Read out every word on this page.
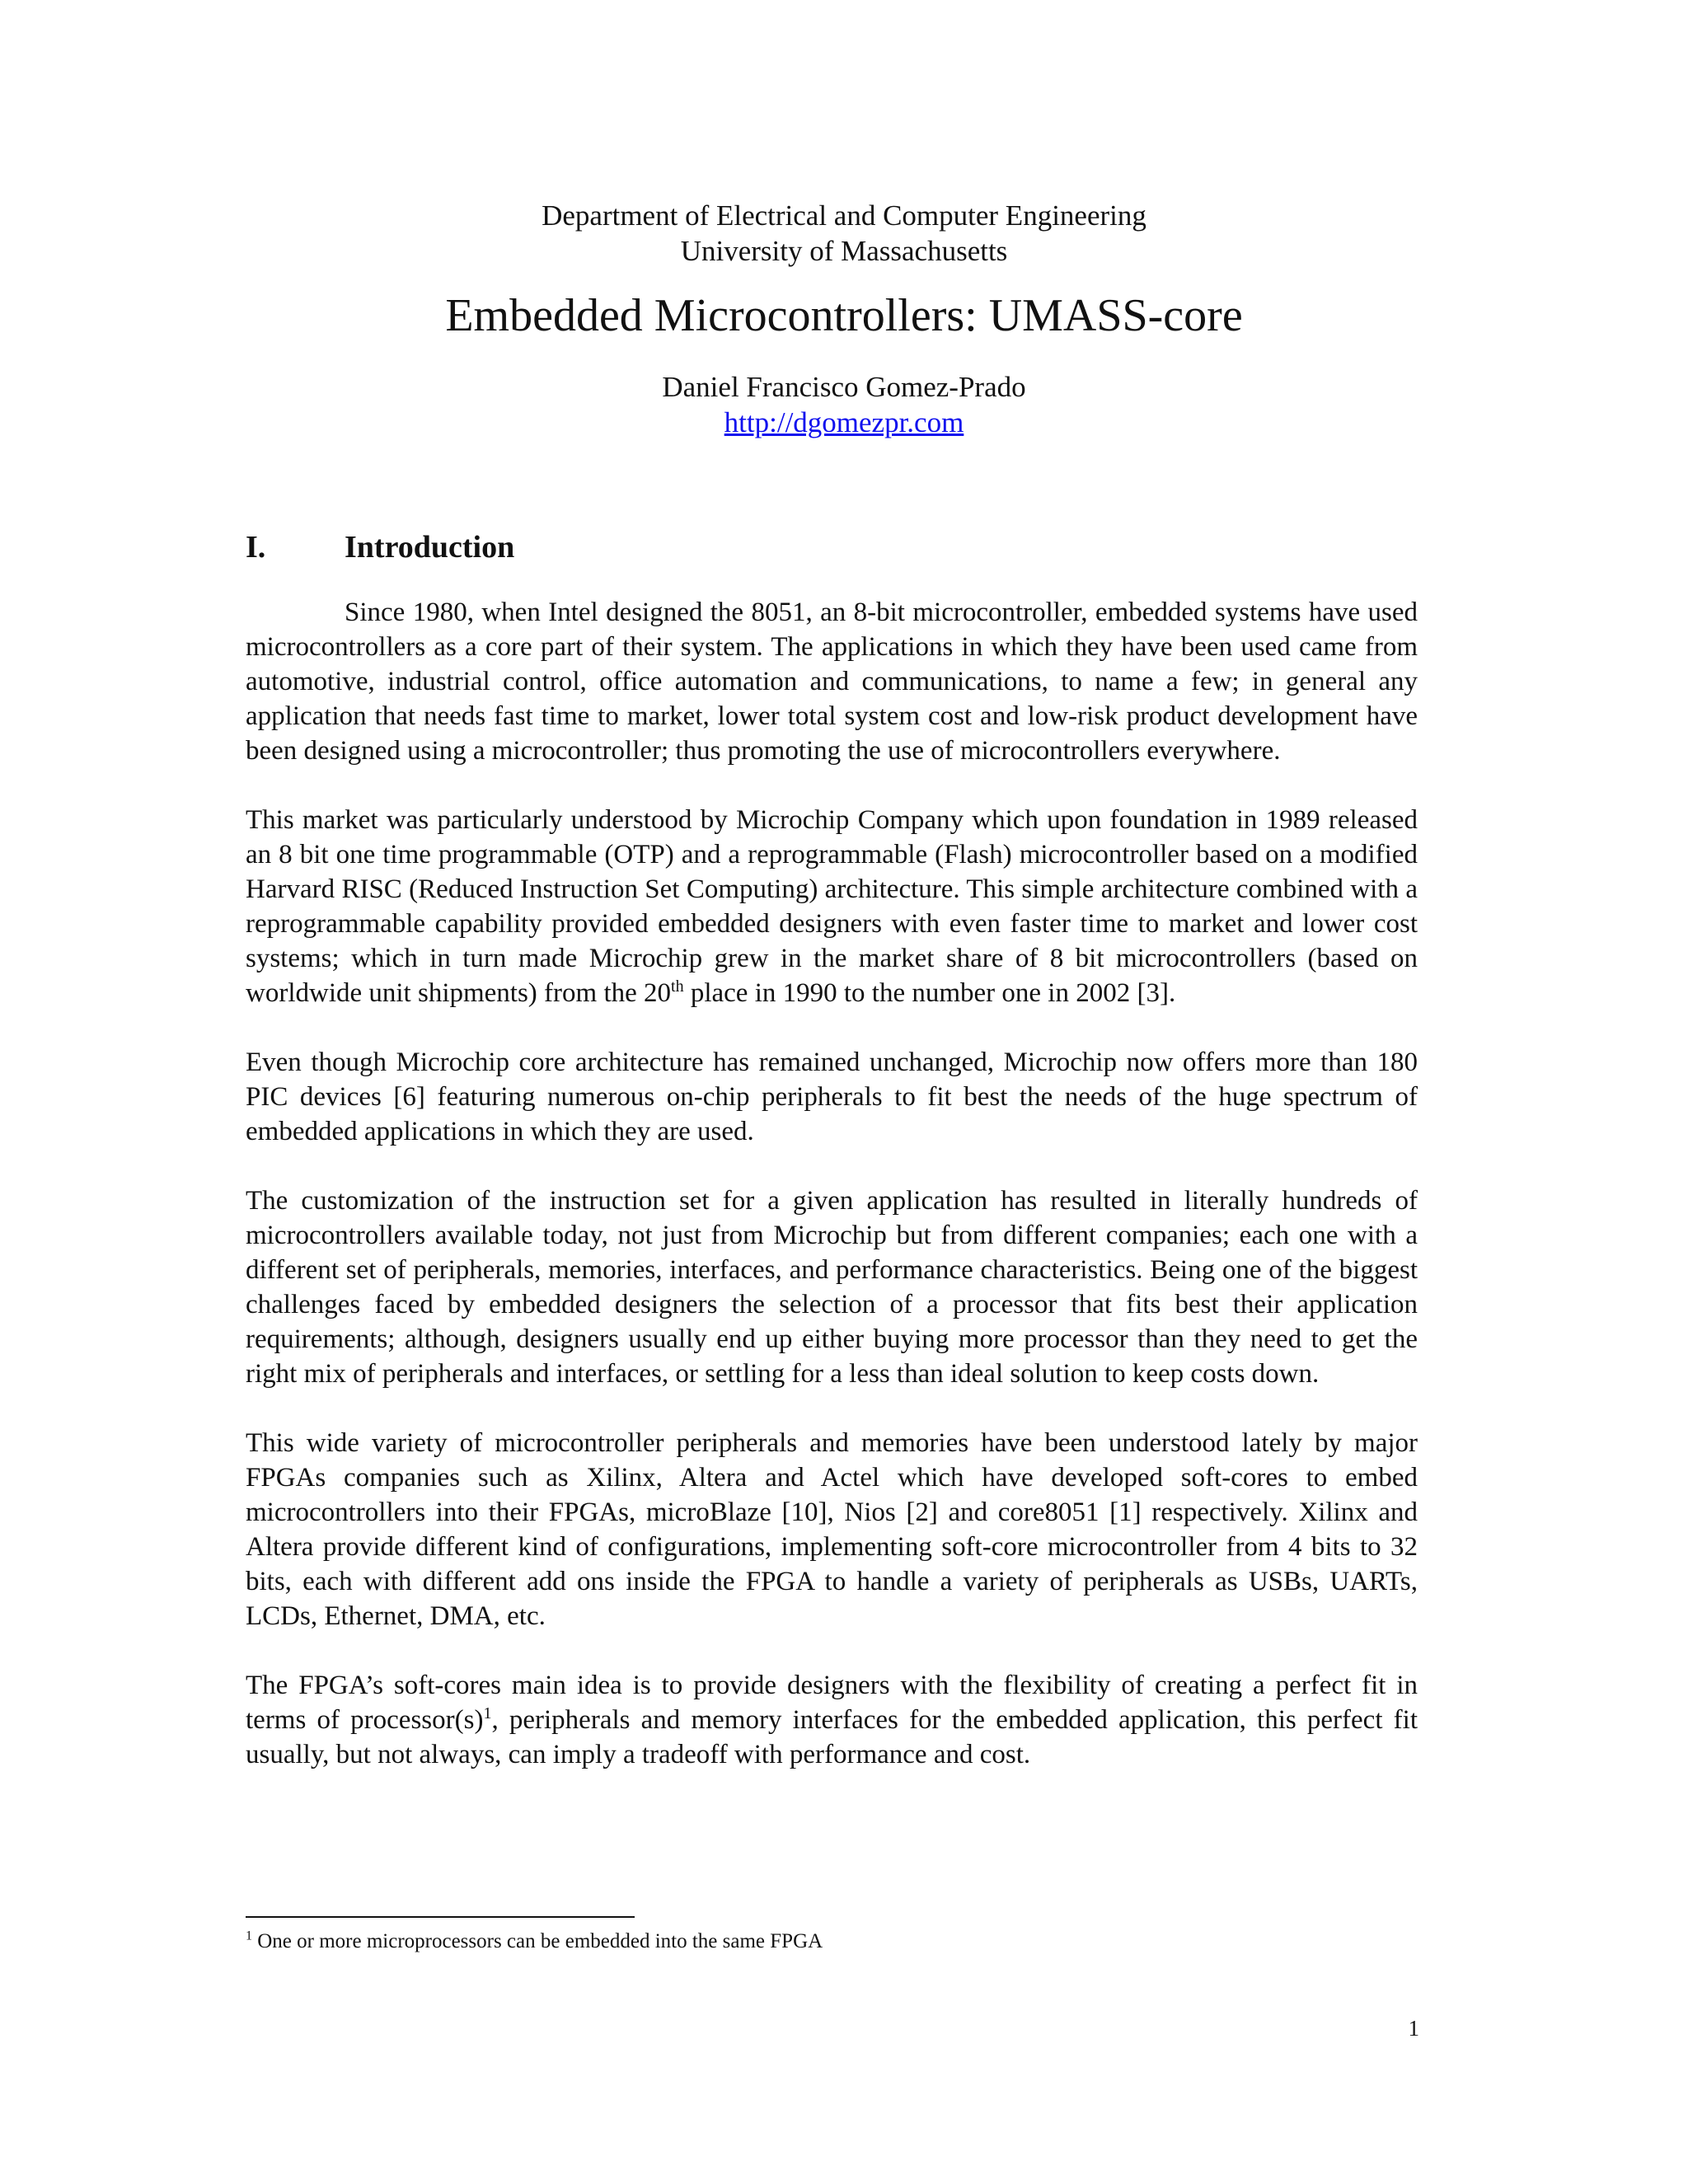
Department of Electrical and Computer Engineering
University of Massachusetts
Embedded Microcontrollers: UMASS-core
Daniel Francisco Gomez-Prado
http://dgomezpr.com
I.	Introduction

Since 1980, when Intel designed the 8051, an 8-bit microcontroller, embedded systems have used microcontrollers as a core part of their system. The applications in which they have been used came from automotive, industrial control, office automation and communications, to name a few; in general any application that needs fast time to market, lower total system cost and low-risk product development have been designed using a microcontroller; thus promoting the use of microcontrollers everywhere.

This market was particularly understood by Microchip Company which upon foundation in 1989 released an 8 bit one time programmable (OTP) and a reprogrammable (Flash) microcontroller based on a modified Harvard RISC (Reduced Instruction Set Computing) architecture. This simple architecture combined with a reprogrammable capability provided embedded designers with even faster time to market and lower cost systems; which in turn made Microchip grew in the market share of 8 bit microcontrollers (based on worldwide unit shipments) from the 20th place in 1990 to the number one in 2002 [3].

Even though Microchip core architecture has remained unchanged, Microchip now offers more than 180 PIC devices [6] featuring numerous on-chip peripherals to fit best the needs of the huge spectrum of embedded applications in which they are used.

The customization of the instruction set for a given application has resulted in literally hundreds of microcontrollers available today, not just from Microchip but from different companies; each one with a different set of peripherals, memories, interfaces, and performance characteristics. Being one of the biggest challenges faced by embedded designers the selection of a processor that fits best their application requirements; although, designers usually end up either buying more processor than they need to get the right mix of peripherals and interfaces, or settling for a less than ideal solution to keep costs down.

This wide variety of microcontroller peripherals and memories have been understood lately by major FPGAs companies such as Xilinx, Altera and Actel which have developed soft-cores to embed microcontrollers into their FPGAs, microBlaze [10], Nios [2] and core8051 [1] respectively. Xilinx and Altera provide different kind of configurations, implementing soft-core microcontroller from 4 bits to 32 bits, each with different add ons inside the FPGA to handle a variety of peripherals as USBs, UARTs, LCDs, Ethernet, DMA, etc.

The FPGA’s soft-cores main idea is to provide designers with the flexibility of creating a perfect fit in terms of $processor(s)^1$, peripherals and memory interfaces for the embedded application, this perfect fit usually, but not always, can imply a tradeoff with performance and cost.

$^1$ One or more microprocessors can be embedded into the same FPGA
1
